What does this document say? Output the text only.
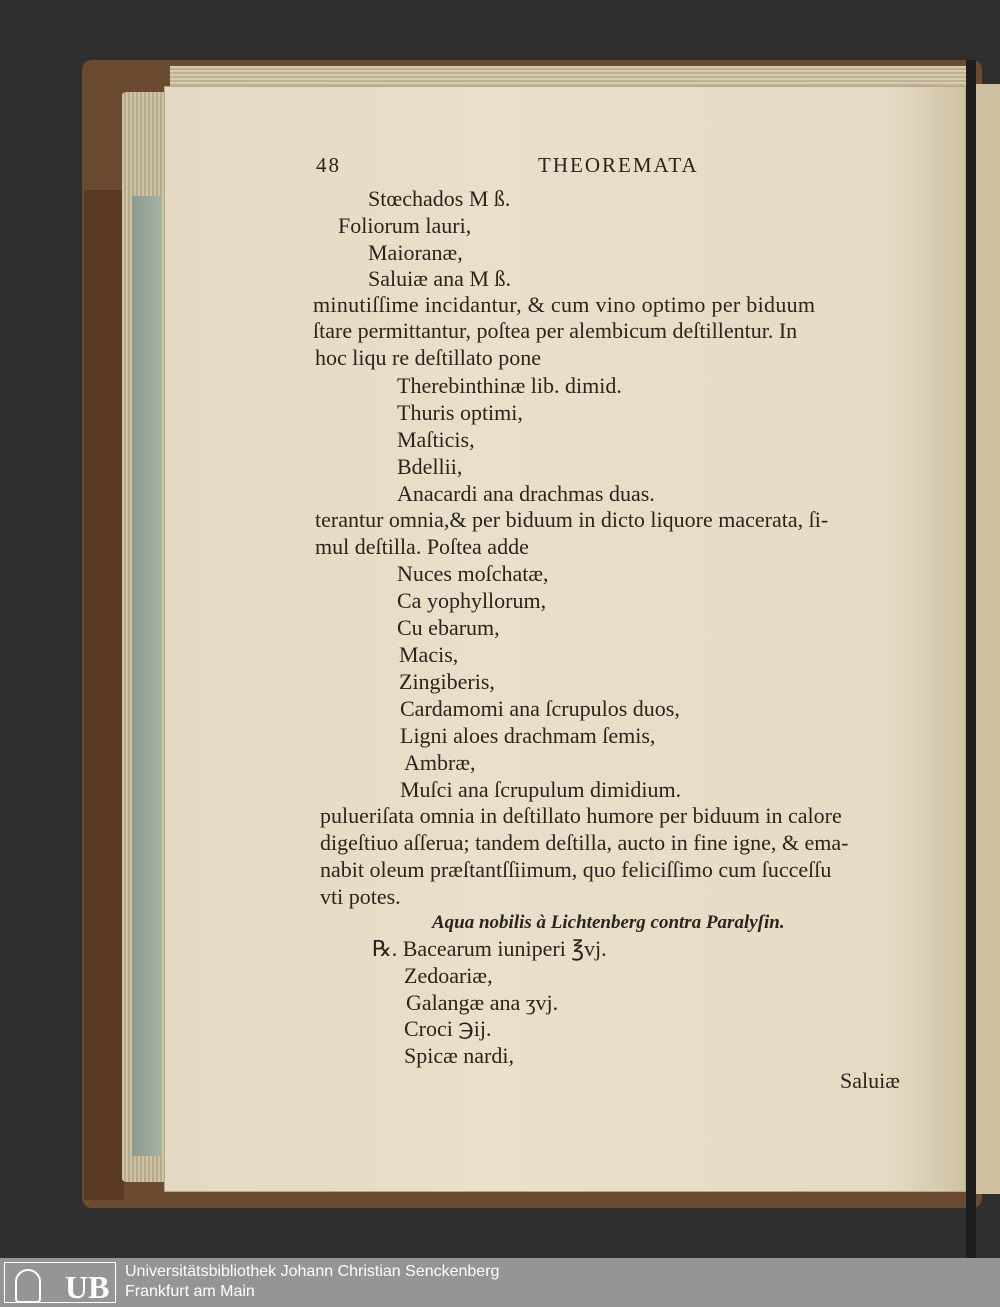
48	THEOREMATA
Stœchados M ß.
Foliorum lauri,
Maioranæ,
Saluiæ ana M ß.
minutiſſime incidantur, & cum vino optimo per biduum
ſtare permittantur, poſtea per alembicum deſtillentur. In
hoc liqu re deſtillato pone
Therebinthinæ lib. dimid.
Thuris optimi,
Maſticis,
Bdellii,
Anacardi ana drachmas duas.
terantur omnia,& per biduum in dicto liquore macerata, ſi-
mul deſtilla. Poſtea adde
Nuces moſchatæ,
Ca yophyllorum,
Cu ebarum,
Macis,
Zingiberis,
Cardamomi ana ſcrupulos duos,
Ligni aloes drachmam ſemis,
Ambræ,
Muſci ana ſcrupulum dimidium.
pulueriſata omnia in deſtillato humore per biduum in calore
digeſtiuo aſſerua; tandem deſtilla, aucto in fine igne, & ema-
nabit oleum præſtantſſiimum, quo feliciſſimo cum ſucceſſu
vti potes.
Aqua nobilis à Lichtenberg contra Paralyſin.
℞. Bacearum iuniperi ℥vj.
Zedoariæ,
Galangæ ana ʒvj.
Croci ℈ij.
Spicæ nardi,
Saluiæ
UB Universitätsbibliothek Johann Christian Senckenberg
Frankfurt am Main
